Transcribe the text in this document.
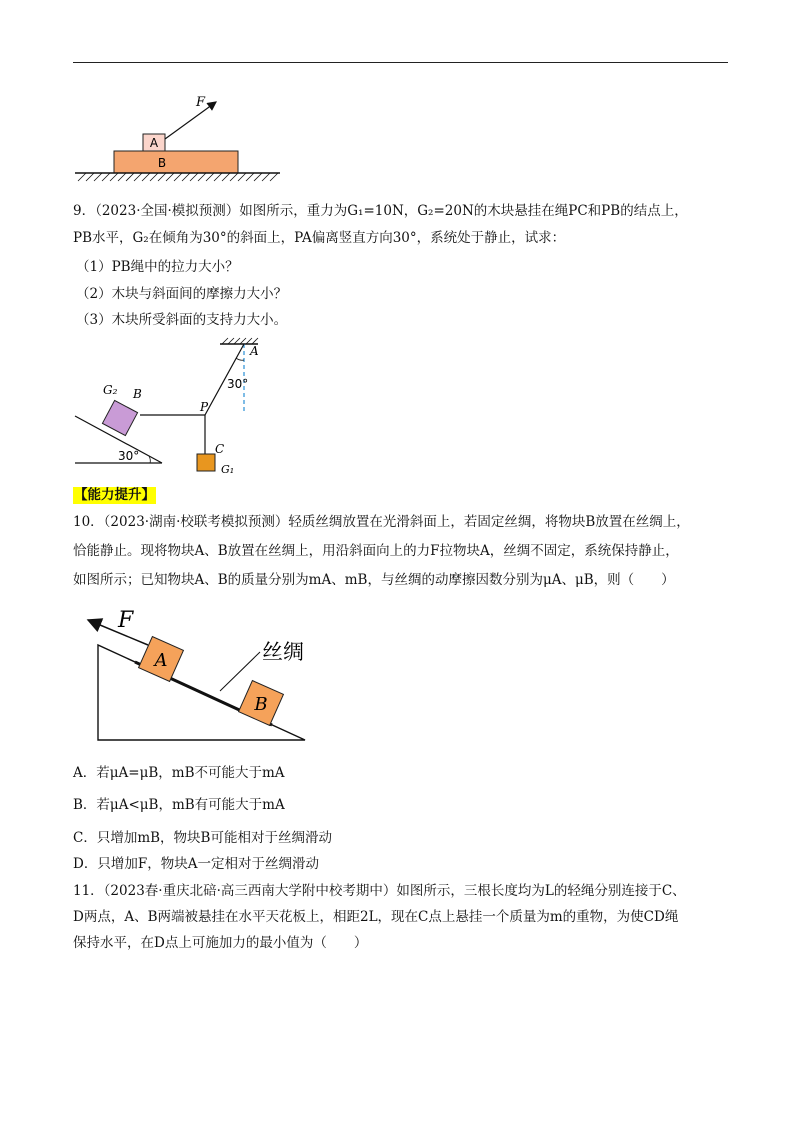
A
B
F
9．（2023·全国·模拟预测）如图所示，重力为G₁=10N，G₂=20N的木块悬挂在绳PC和PB的结点上，
PB水平，G₂在倾角为30°的斜面上，PA偏离竖直方向30°，系统处于静止，试求：
（1）PB绳中的拉力大小？
（2）木块与斜面间的摩擦力大小？
（3）木块所受斜面的支持力大小。
A
30°
P
C
G₁
30°
G₂ B
【能力提升】
10．（2023·湖南·校联考模拟预测）轻质丝绸放置在光滑斜面上，若固定丝绸，将物块B放置在丝绸上，
恰能静止。现将物块A、B放置在丝绸上，用沿斜面向上的力F拉物块A，丝绸不固定，系统保持静止，
如图所示；已知物块A、B的质量分别为mA、mB，与丝绸的动摩擦因数分别为μA、μB，则（　　）
A
B
F
丝绸
A．若μA=μB，mB不可能大于mA
B．若μA<μB，mB有可能大于mA
C．只增加mB，物块B可能相对于丝绸滑动
D．只增加F，物块A一定相对于丝绸滑动
11．（2023春·重庆北碚·高三西南大学附中校考期中）如图所示，三根长度均为L的轻绳分别连接于C、
D两点，A、B两端被悬挂在水平天花板上，相距2L，现在C点上悬挂一个质量为m的重物，为使CD绳
保持水平，在D点上可施加力的最小值为（　　）
